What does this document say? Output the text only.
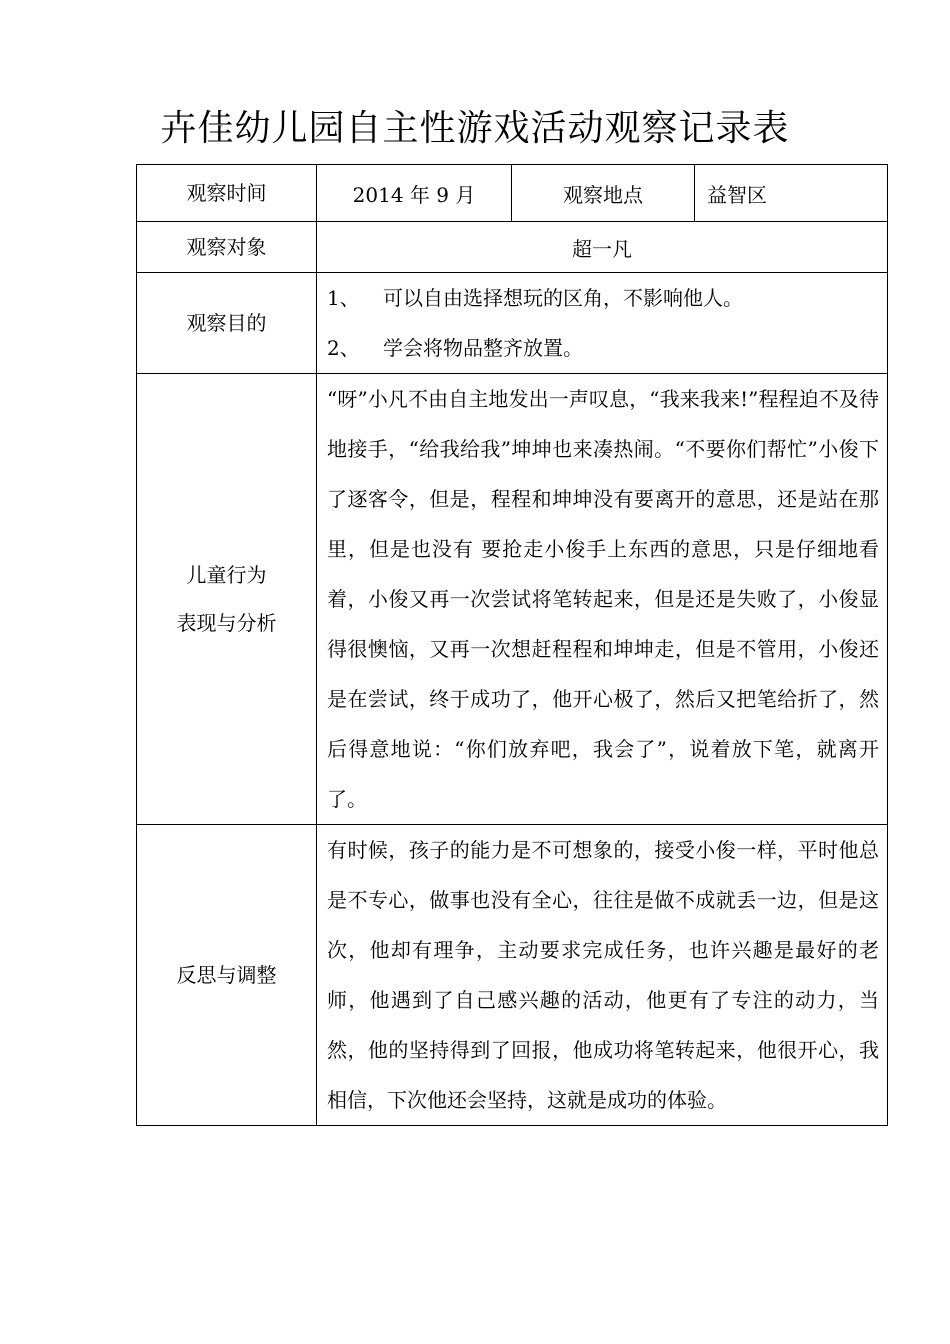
卉佳幼儿园自主性游戏活动观察记录表
观察时间	2014 年 9 月	观察地点	益智区
观察对象	超一凡		
观察目的	1、 可以自由选择想玩的区角，不影响他人。
2、 学会将物品整齐放置。		

儿童行为
表现与分析	“呀”小凡不由自主地发出一声叹息，“我来我来!”程程迫不及待地接手，“给我给我”坤坤也来凑热闹。“不要你们帮忙”小俊下了逐客令，但是，程程和坤坤没有要离开的意思，还是站在那里，但是也没有 要抢走小俊手上东西的意思，只是仔细地看着，小俊又再一次尝试将笔转起来，但是还是失败了，小俊显得很懊恼，又再一次想赶程程和坤坤走，但是不管用，小俊还是在尝试，终于成功了，他开心极了，然后又把笔给折了，然后得意地说：“你们放弃吧，我会了”，说着放下笔，就离开了。		
反思与调整	有时候，孩子的能力是不可想象的，接受小俊一样，平时他总是不专心，做事也没有全心，往往是做不成就丢一边，但是这次，他却有理争，主动要求完成任务，也许兴趣是最好的老师，他遇到了自己感兴趣的活动，他更有了专注的动力，当然，他的坚持得到了回报，他成功将笔转起来，他很开心，我相信，下次他还会坚持，这就是成功的体验。		
